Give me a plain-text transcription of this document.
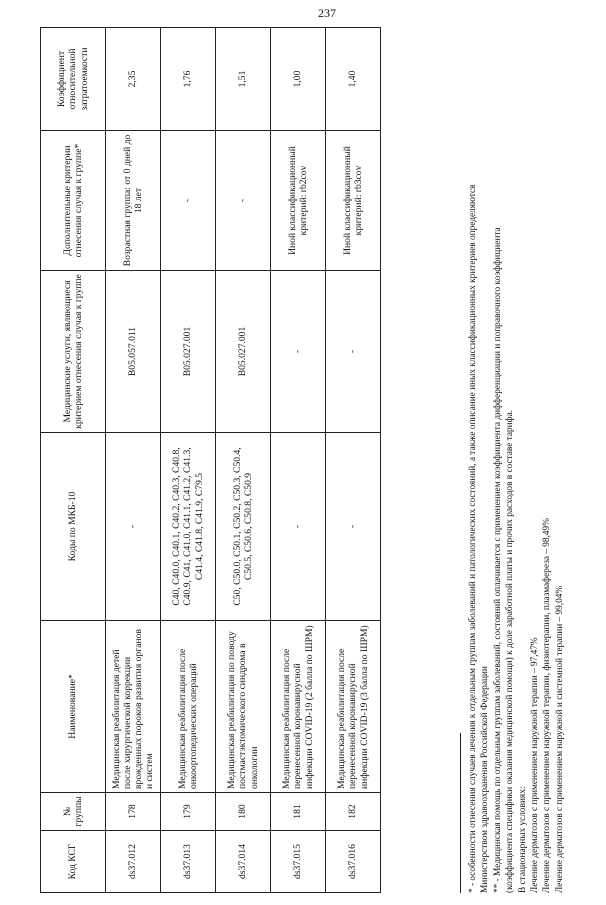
237
Код КСГ	№ группы	Наименование*	Коды по МКБ-10	Медицинские услуги, являющиеся критерием отнесения случая к группе	Дополнительные критерии отнесения случая к группе*	Коэффициент относительной затратоемкости
ds37.012	178	Медицинская реабилитация детей после хирургической коррекции врожденных пороков развития органов и систем	-	B05.057.011	Возрастная группа: от 0 дней до 18 лет	2,35
ds37.013	179	Медицинская реабилитация после онкоортопедических операций	C40, C40.0, C40.1, C40.2, C40.3, C40.8, C40.9, C41, C41.0, C41.1, C41.2, C41.3, C41.4, C41.8, C41.9, C79.5	B05.027.001	-	1,76
ds37.014	180	Медицинская реабилитация по поводу постмастэктомического синдрома в онкологии	C50, C50.0, C50.1, C50.2, C50.3, C50.4, C50.5, C50.6, C50.8, C50.9	B05.027.001	-	1,51
ds37.015	181	Медицинская реабилитация после перенесенной коронавирусной инфекции COVID-19 (2 балла по ШРМ)	-	-	Иной классификационный критерий: rb2cov	1,00
ds37.016	182	Медицинская реабилитация после перенесенной коронавирусной инфекции COVID-19 (3 балла по ШРМ)	-	-	Иной классификационный критерий: rb3cov	1,40
* - особенности отнесения случаев лечения к отдельным группам заболеваний и патологических состояний, а также описание иных классификационных критериев определяются Министерством здравоохранения Российской Федерации ** - Медицинская помощь по отдельным группам заболеваний, состояний оплачивается с применением коэффициента дифференциации и поправочного коэффициента (коэффициента специфики оказания медицинской помощи) к доле заработной платы и прочих расходов в составе тарифа. В стационарных условиях: Лечение дерматозов с применением наружной терапии – 97,47% Лечение дерматозов с применением наружной терапии, физиотерапии, плазмафереза – 98,49% Лечение дерматозов с применением наружной и системной терапии – 99,04%
